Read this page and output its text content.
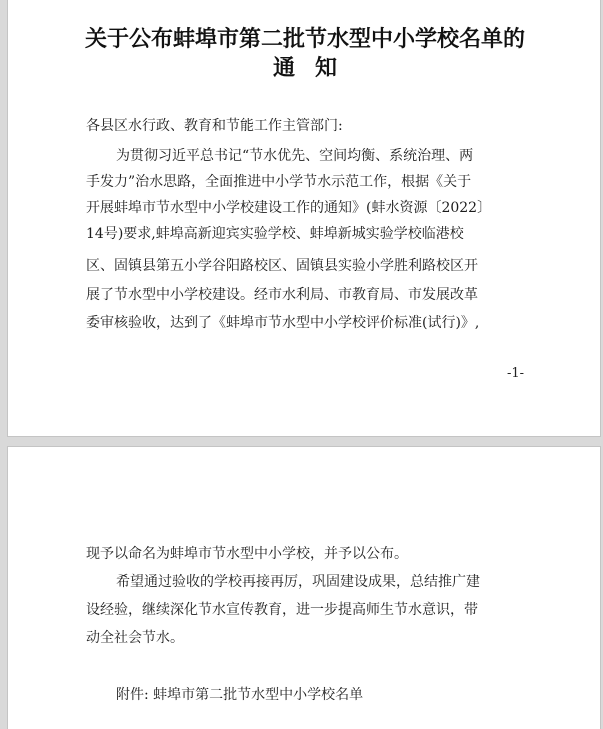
关于公布蚌埠市第二批节水型中小学校名单的
通知
各县区水行政、教育和节能工作主管部门:
为贯彻习近平总书记“节水优先、空间均衡、系统治理、两
手发力”治水思路，全面推进中小学节水示范工作，根据《关于
开展蚌埠市节水型中小学校建设工作的通知》(蚌水资源〔2022〕
14号)要求,蚌埠高新迎宾实验学校、蚌埠新城实验学校临港校
区、固镇县第五小学谷阳路校区、固镇县实验小学胜利路校区开
展了节水型中小学校建设。经市水利局、市教育局、市发展改革
委审核验收，达到了《蚌埠市节水型中小学校评价标准(试行)》,
-1-
现予以命名为蚌埠市节水型中小学校，并予以公布。
希望通过验收的学校再接再厉，巩固建设成果，总结推广建
设经验，继续深化节水宣传教育，进一步提高师生节水意识，带
动全社会节水。
附件: 蚌埠市第二批节水型中小学校名单
